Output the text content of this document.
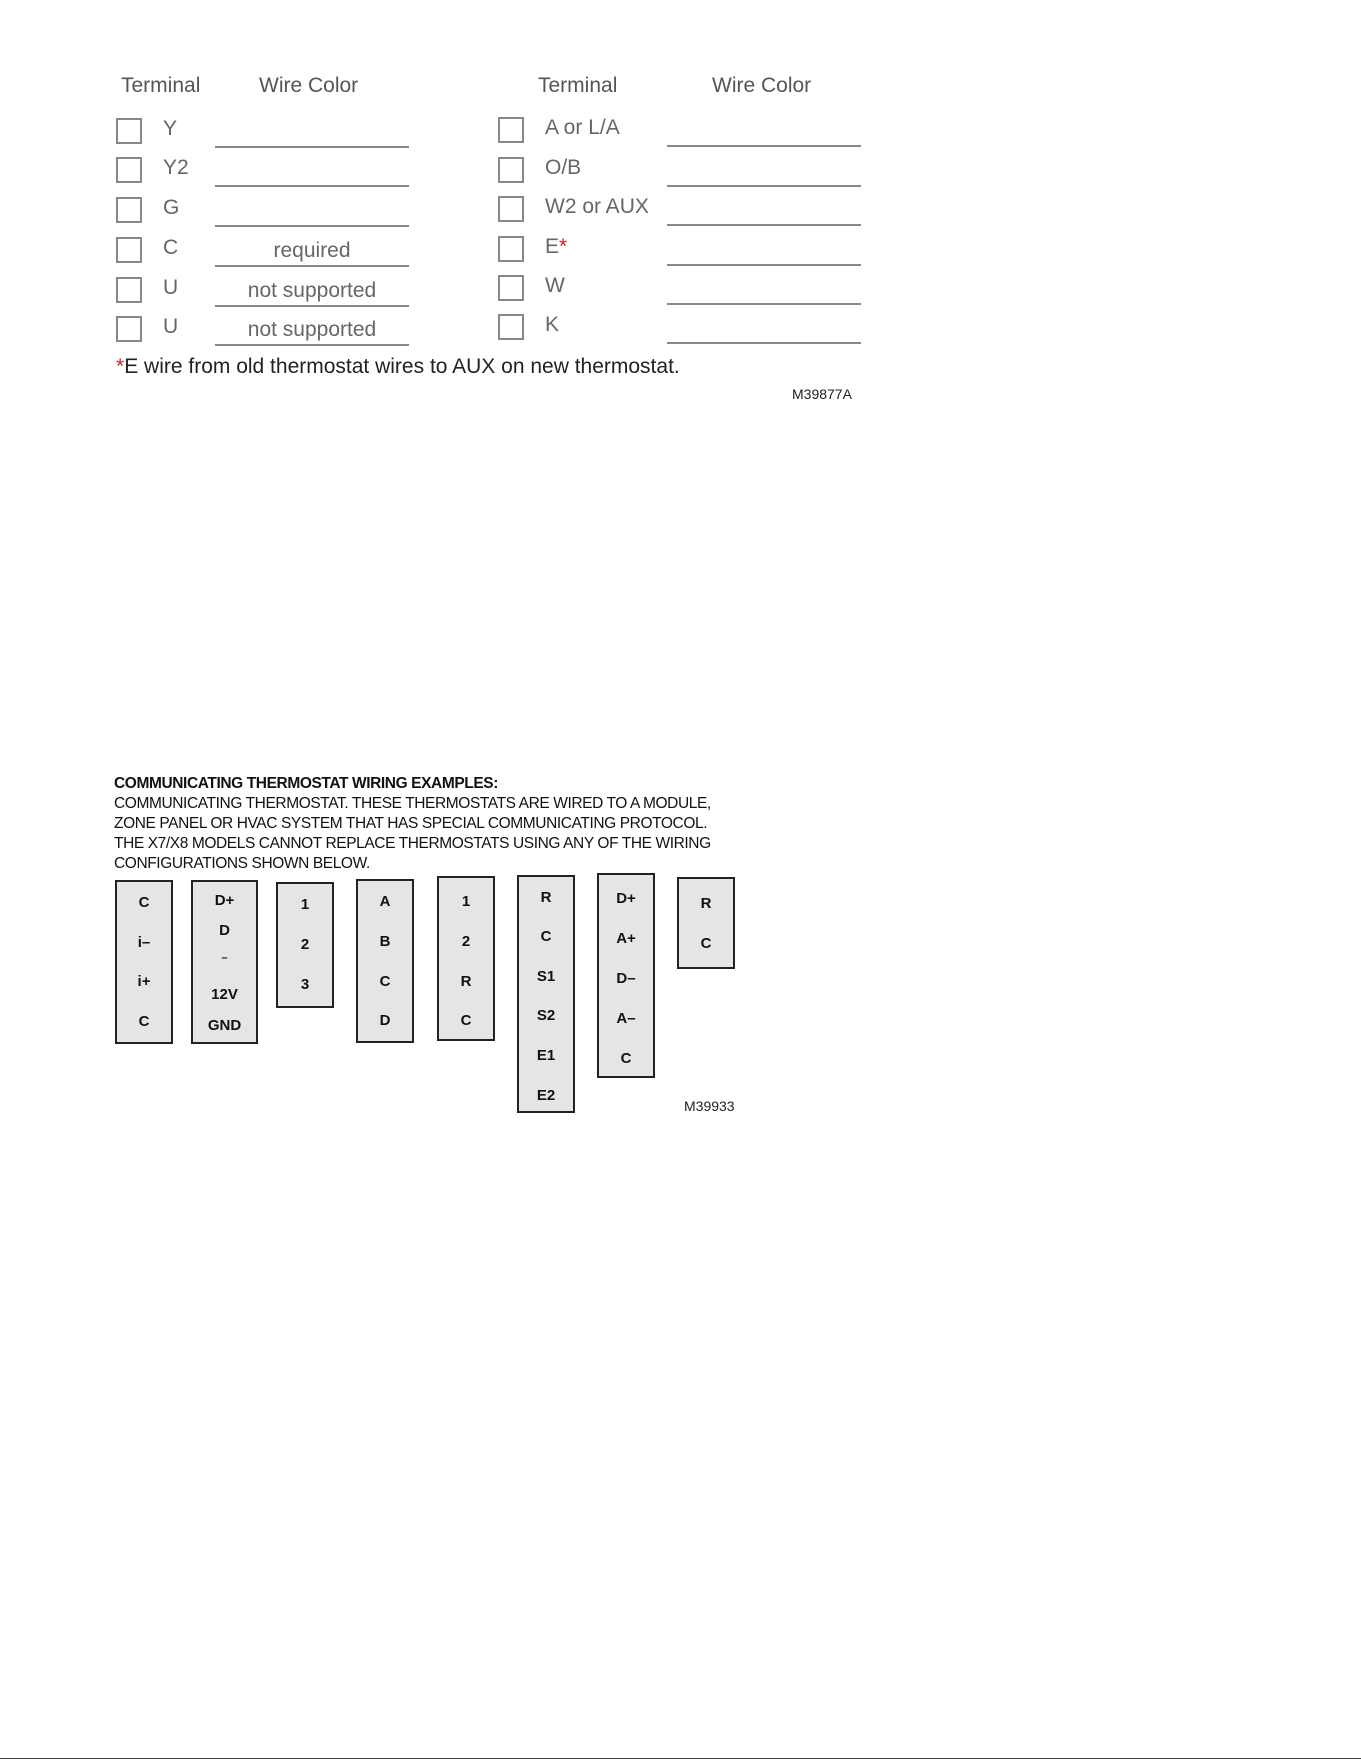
Terminal	Wire Color
Y
Y2
G
C	required
U	not supported
U	not supported
Terminal	Wire Color
A or L/A
O/B
W2 or AUX
E*
W
K
*E wire from old thermostat wires to AUX on new thermostat.
M39877A
COMMUNICATING THERMOSTAT WIRING EXAMPLES:
COMMUNICATING THERMOSTAT. THESE THERMOSTATS ARE WIRED TO A MODULE,
ZONE PANEL OR HVAC SYSTEM THAT HAS SPECIAL COMMUNICATING PROTOCOL.
THE X7/X8 MODELS CANNOT REPLACE THERMOSTATS USING ANY OF THE WIRING
CONFIGURATIONS SHOWN BELOW.
C
i–
i+
C
D+
D
–
12V
GND
1
2
3
A
B
C
D
1
2
R
C
R
C
S1
S2
E1
E2
D+
A+
D–
A–
C
R
C
M39933
